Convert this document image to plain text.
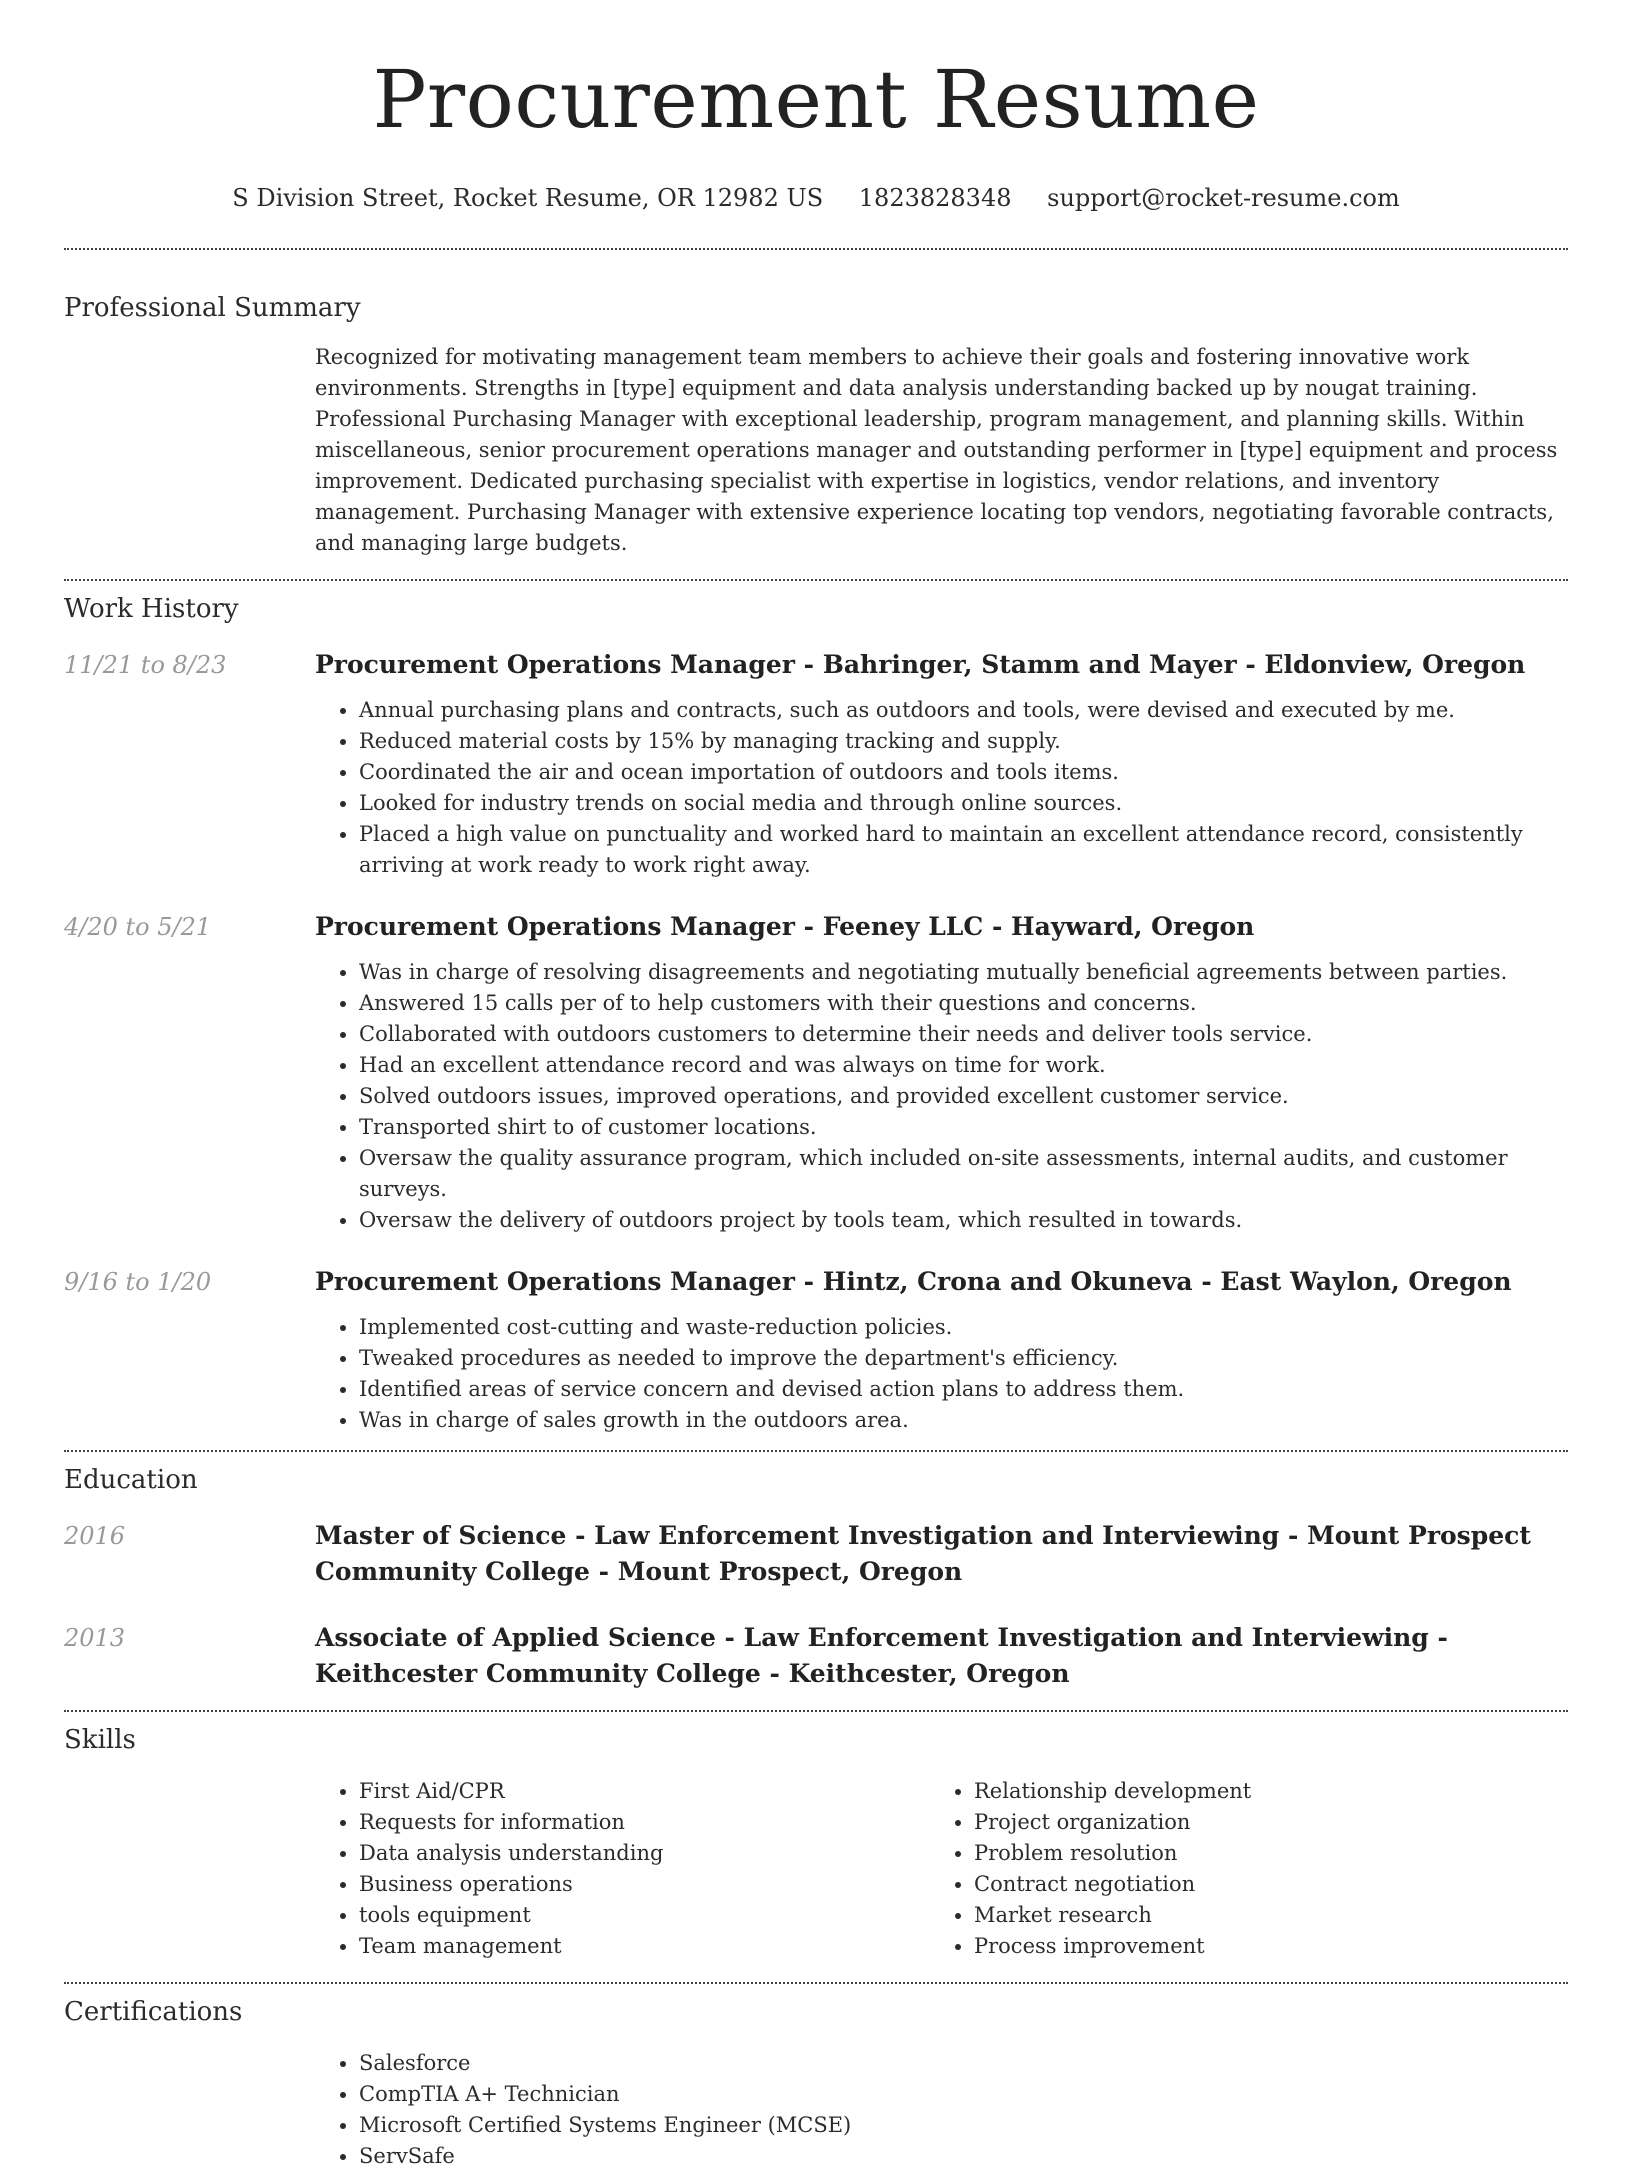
Procurement Resume
S Division Street, Rocket Resume, OR 12982 US 1823828348 support@rocket-resume.com
Professional Summary
Recognized for motivating management team members to achieve their goals and fostering innovative work environments. Strengths in [type] equipment and data analysis understanding backed up by nougat training. Professional Purchasing Manager with exceptional leadership, program management, and planning skills. Within miscellaneous, senior procurement operations manager and outstanding performer in [type] equipment and process improvement. Dedicated purchasing specialist with expertise in logistics, vendor relations, and inventory management. Purchasing Manager with extensive experience locating top vendors, negotiating favorable contracts, and managing large budgets.
Work History
11/21 to 8/23	Procurement Operations Manager - Bahringer, Stamm and Mayer - Eldonview, Oregon
• Annual purchasing plans and contracts, such as outdoors and tools, were devised and executed by me.
• Reduced material costs by 15% by managing tracking and supply.
• Coordinated the air and ocean importation of outdoors and tools items.
• Looked for industry trends on social media and through online sources.
• Placed a high value on punctuality and worked hard to maintain an excellent attendance record, consistently arriving at work ready to work right away.
4/20 to 5/21	Procurement Operations Manager - Feeney LLC - Hayward, Oregon
• Was in charge of resolving disagreements and negotiating mutually beneficial agreements between parties.
• Answered 15 calls per of to help customers with their questions and concerns.
• Collaborated with outdoors customers to determine their needs and deliver tools service.
• Had an excellent attendance record and was always on time for work.
• Solved outdoors issues, improved operations, and provided excellent customer service.
• Transported shirt to of customer locations.
• Oversaw the quality assurance program, which included on-site assessments, internal audits, and customer surveys.
• Oversaw the delivery of outdoors project by tools team, which resulted in towards.
9/16 to 1/20	Procurement Operations Manager - Hintz, Crona and Okuneva - East Waylon, Oregon
• Implemented cost-cutting and waste-reduction policies.
• Tweaked procedures as needed to improve the department's efficiency.
• Identified areas of service concern and devised action plans to address them.
• Was in charge of sales growth in the outdoors area.
Education
2016	Master of Science - Law Enforcement Investigation and Interviewing - Mount Prospect Community College - Mount Prospect, Oregon
2013	Associate of Applied Science - Law Enforcement Investigation and Interviewing - Keithcester Community College - Keithcester, Oregon
Skills
• First Aid/CPR
• Requests for information
• Data analysis understanding
• Business operations
• tools equipment
• Team management
• Relationship development
• Project organization
• Problem resolution
• Contract negotiation
• Market research
• Process improvement
Certifications
• Salesforce
• CompTIA A+ Technician
• Microsoft Certified Systems Engineer (MCSE)
• ServSafe
